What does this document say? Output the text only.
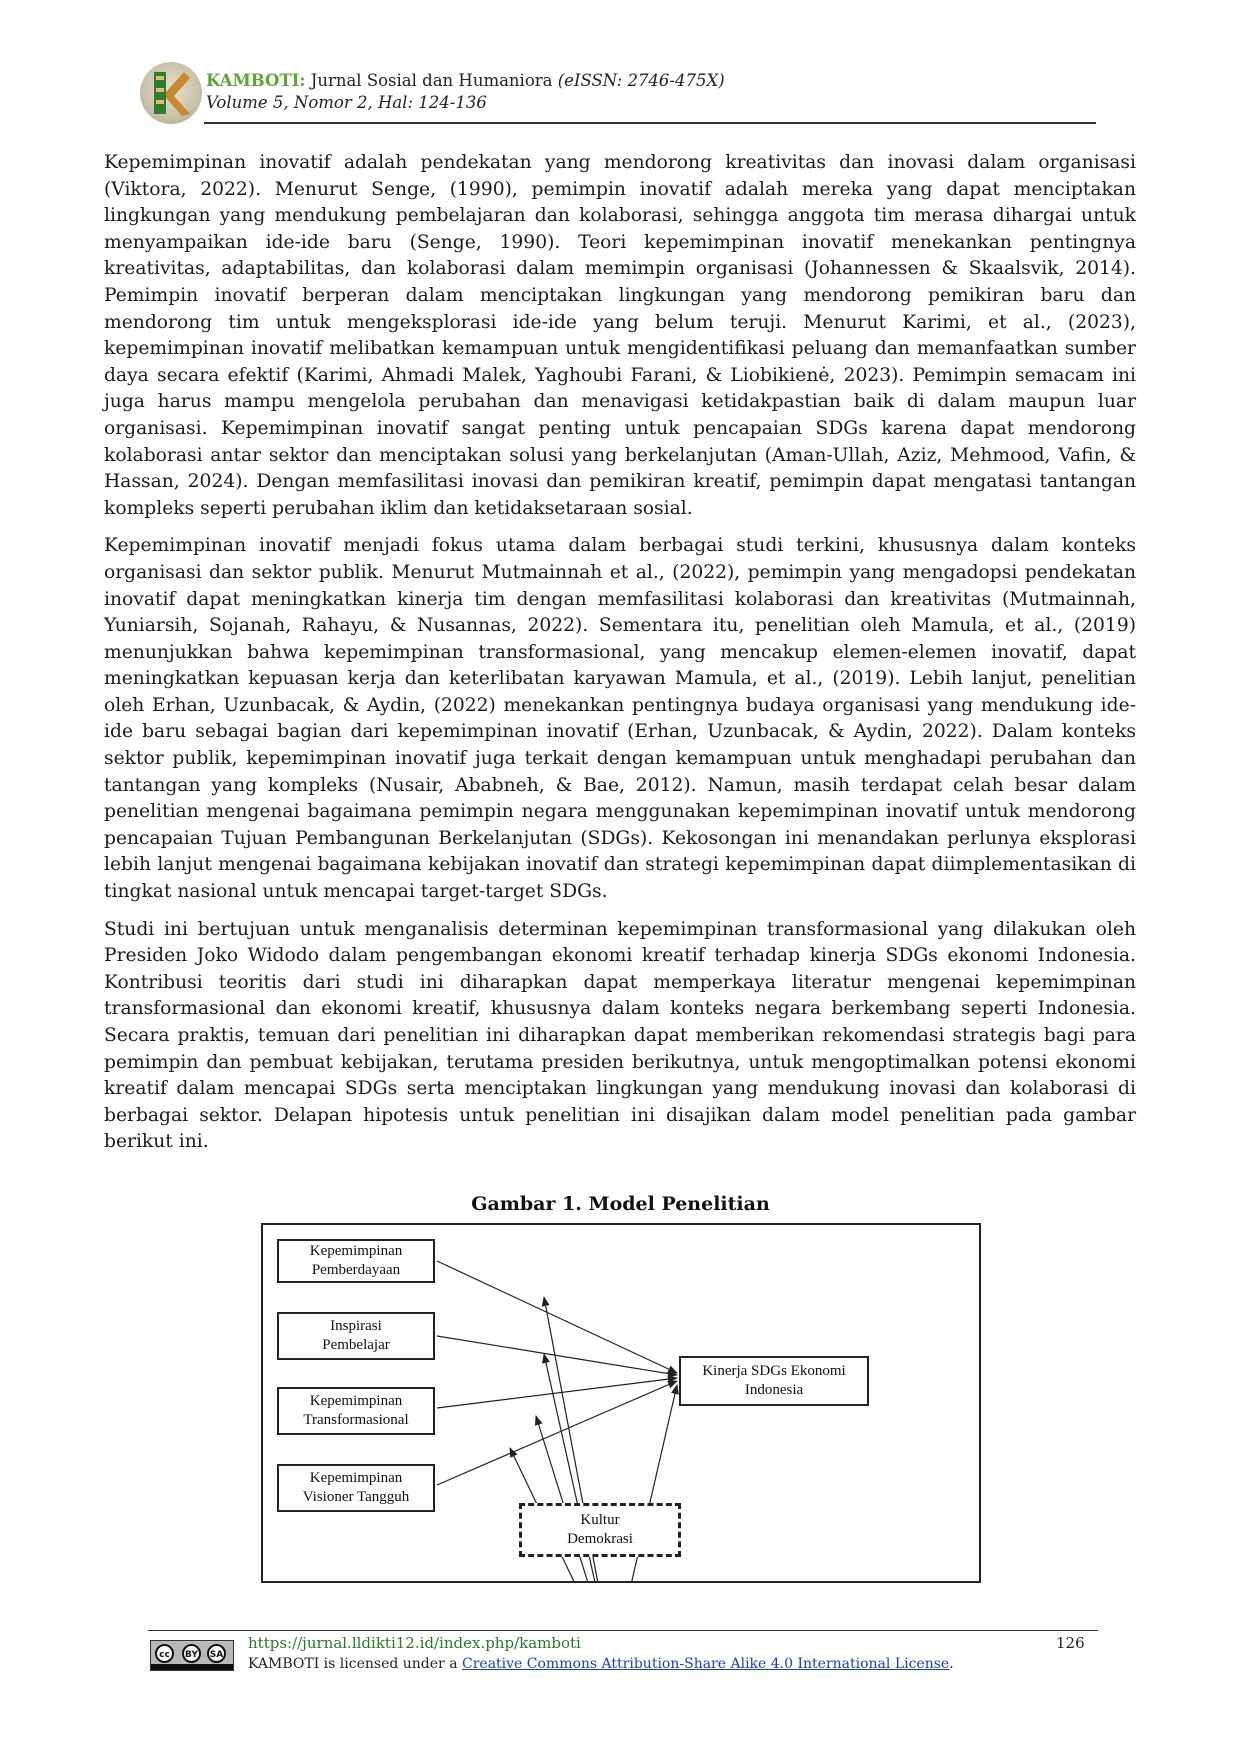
KAMBOTI: Jurnal Sosial dan Humaniora (eISSN: 2746-475X)
Volume 5, Nomor 2, Hal: 124-136

Kepemimpinan inovatif adalah pendekatan yang mendorong kreativitas dan inovasi dalam organisasi (Viktora, 2022). Menurut Senge, (1990), pemimpin inovatif adalah mereka yang dapat menciptakan lingkungan yang mendukung pembelajaran dan kolaborasi, sehingga anggota tim merasa dihargai untuk menyampaikan ide-ide baru (Senge, 1990). Teori kepemimpinan inovatif menekankan pentingnya kreativitas, adaptabilitas, dan kolaborasi dalam memimpin organisasi (Johannessen & Skaalsvik, 2014). Pemimpin inovatif berperan dalam menciptakan lingkungan yang mendorong pemikiran baru dan mendorong tim untuk mengeksplorasi ide-ide yang belum teruji. Menurut Karimi, et al., (2023), kepemimpinan inovatif melibatkan kemampuan untuk mengidentifikasi peluang dan memanfaatkan sumber daya secara efektif (Karimi, Ahmadi Malek, Yaghoubi Farani, & Liobikienė, 2023). Pemimpin semacam ini juga harus mampu mengelola perubahan dan menavigasi ketidakpastian baik di dalam maupun luar organisasi. Kepemimpinan inovatif sangat penting untuk pencapaian SDGs karena dapat mendorong kolaborasi antar sektor dan menciptakan solusi yang berkelanjutan (Aman-Ullah, Aziz, Mehmood, Vafin, & Hassan, 2024). Dengan memfasilitasi inovasi dan pemikiran kreatif, pemimpin dapat mengatasi tantangan kompleks seperti perubahan iklim dan ketidaksetaraan sosial.

Kepemimpinan inovatif menjadi fokus utama dalam berbagai studi terkini, khususnya dalam konteks organisasi dan sektor publik. Menurut Mutmainnah et al., (2022), pemimpin yang mengadopsi pendekatan inovatif dapat meningkatkan kinerja tim dengan memfasilitasi kolaborasi dan kreativitas (Mutmainnah, Yuniarsih, Sojanah, Rahayu, & Nusannas, 2022). Sementara itu, penelitian oleh Mamula, et al., (2019) menunjukkan bahwa kepemimpinan transformasional, yang mencakup elemen-elemen inovatif, dapat meningkatkan kepuasan kerja dan keterlibatan karyawan Mamula, et al., (2019). Lebih lanjut, penelitian oleh Erhan, Uzunbacak, & Aydin, (2022) menekankan pentingnya budaya organisasi yang mendukung ide-ide baru sebagai bagian dari kepemimpinan inovatif (Erhan, Uzunbacak, & Aydin, 2022). Dalam konteks sektor publik, kepemimpinan inovatif juga terkait dengan kemampuan untuk menghadapi perubahan dan tantangan yang kompleks (Nusair, Ababneh, & Bae, 2012). Namun, masih terdapat celah besar dalam penelitian mengenai bagaimana pemimpin negara menggunakan kepemimpinan inovatif untuk mendorong pencapaian Tujuan Pembangunan Berkelanjutan (SDGs). Kekosongan ini menandakan perlunya eksplorasi lebih lanjut mengenai bagaimana kebijakan inovatif dan strategi kepemimpinan dapat diimplementasikan di tingkat nasional untuk mencapai target-target SDGs.

Studi ini bertujuan untuk menganalisis determinan kepemimpinan transformasional yang dilakukan oleh Presiden Joko Widodo dalam pengembangan ekonomi kreatif terhadap kinerja SDGs ekonomi Indonesia. Kontribusi teoritis dari studi ini diharapkan dapat memperkaya literatur mengenai kepemimpinan transformasional dan ekonomi kreatif, khususnya dalam konteks negara berkembang seperti Indonesia. Secara praktis, temuan dari penelitian ini diharapkan dapat memberikan rekomendasi strategis bagi para pemimpin dan pembuat kebijakan, terutama presiden berikutnya, untuk mengoptimalkan potensi ekonomi kreatif dalam mencapai SDGs serta menciptakan lingkungan yang mendukung inovasi dan kolaborasi di berbagai sektor. Delapan hipotesis untuk penelitian ini disajikan dalam model penelitian pada gambar berikut ini.

Gambar 1. Model Penelitian
Kepemimpinan
Pemberdayaan
Inspirasi
Pembelajar
Kepemimpinan
Transformasional
Kepemimpinan
Visioner Tangguh
Kinerja SDGs Ekonomi
Indonesia
Kultur
Demokrasi
cc	BY	SA
https://jurnal.lldikti12.id/index.php/kamboti
KAMBOTI is licensed under a Creative Commons Attribution-Share Alike 4.0 International License.
126
